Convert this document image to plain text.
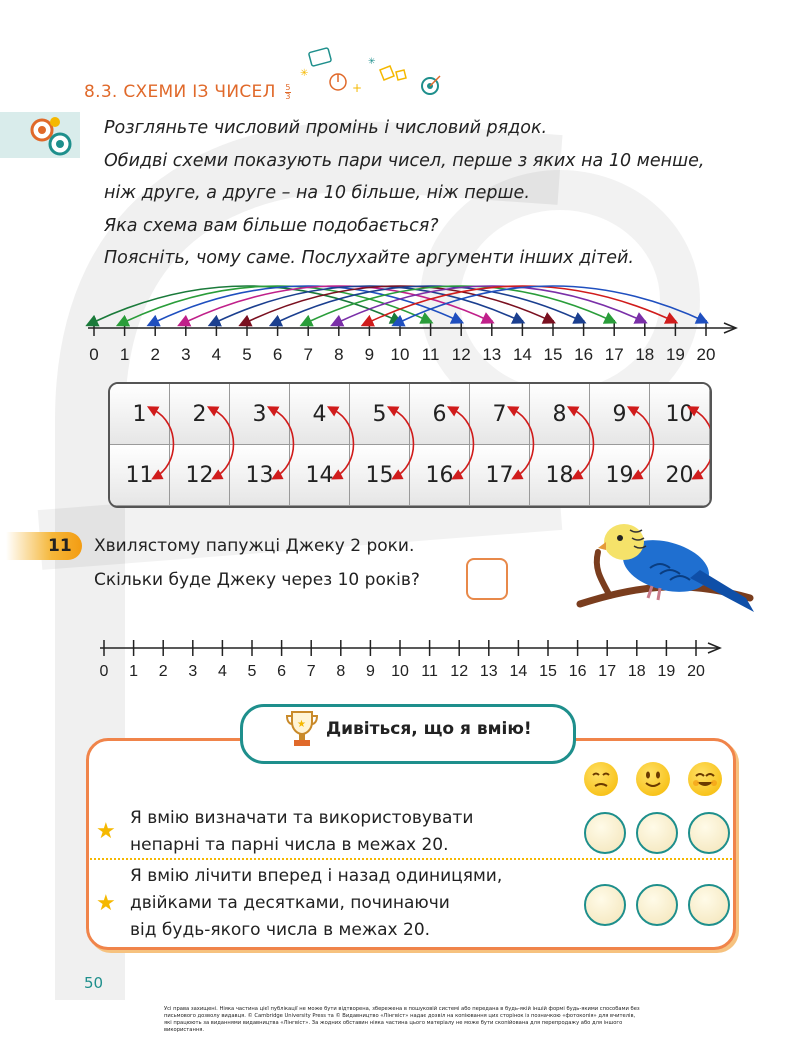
8.3. СХЕМИ ІЗ ЧИСЕЛ $\frac{5}{3}$
✳
+
✳
Розгляньте числовий промінь і числовий рядок.
Обидві схеми показують пари чисел, перше з яких на 10 менше,
ніж друге, а друге – на 10 більше, ніж перше.
Яка схема вам більше подобається?
Поясніть, чому саме. Послухайте аргументи інших дітей.
0 1 2 3 4 5 6 7 8 9 10 11 12 13 14 15 16 17 18 19 20
1	2	3	4	5	6	7	8	9	10
11	12	13	14	15	16	17	18	19	20
11 Хвилястому папужці Джеку 2 роки.
Скільки буде Джеку через 10 років?
0 1 2 3 4 5 6 7 8 9 10 11 12 13 14 15 16 17 18 19 20
★ Дивіться, що я вмію!
★
Я вмію визначати та використовувати
непарні та парні числа в межах 20.
★
Я вмію лічити вперед і назад одиницями,
двійками та десятками, починаючи
від будь-якого числа в межах 20.
50
Усі права захищені. Ніяка частина цієї публікації не може бути відтворена, збережена в пошуковій системі або передана в будь-якій іншій формі будь-якими способами без письмового дозволу видавця. © Cambridge University Press та © Видавництво «Лінгвіст» надає дозвіл на копіювання цих сторінок із позначкою «фотокопія» для вчителів, які працюють за виданнями видавництва «Лінгвіст». За жодних обставин ніяка частина цього матеріалу не може бути скопійована для перепродажу або для іншого використання.
